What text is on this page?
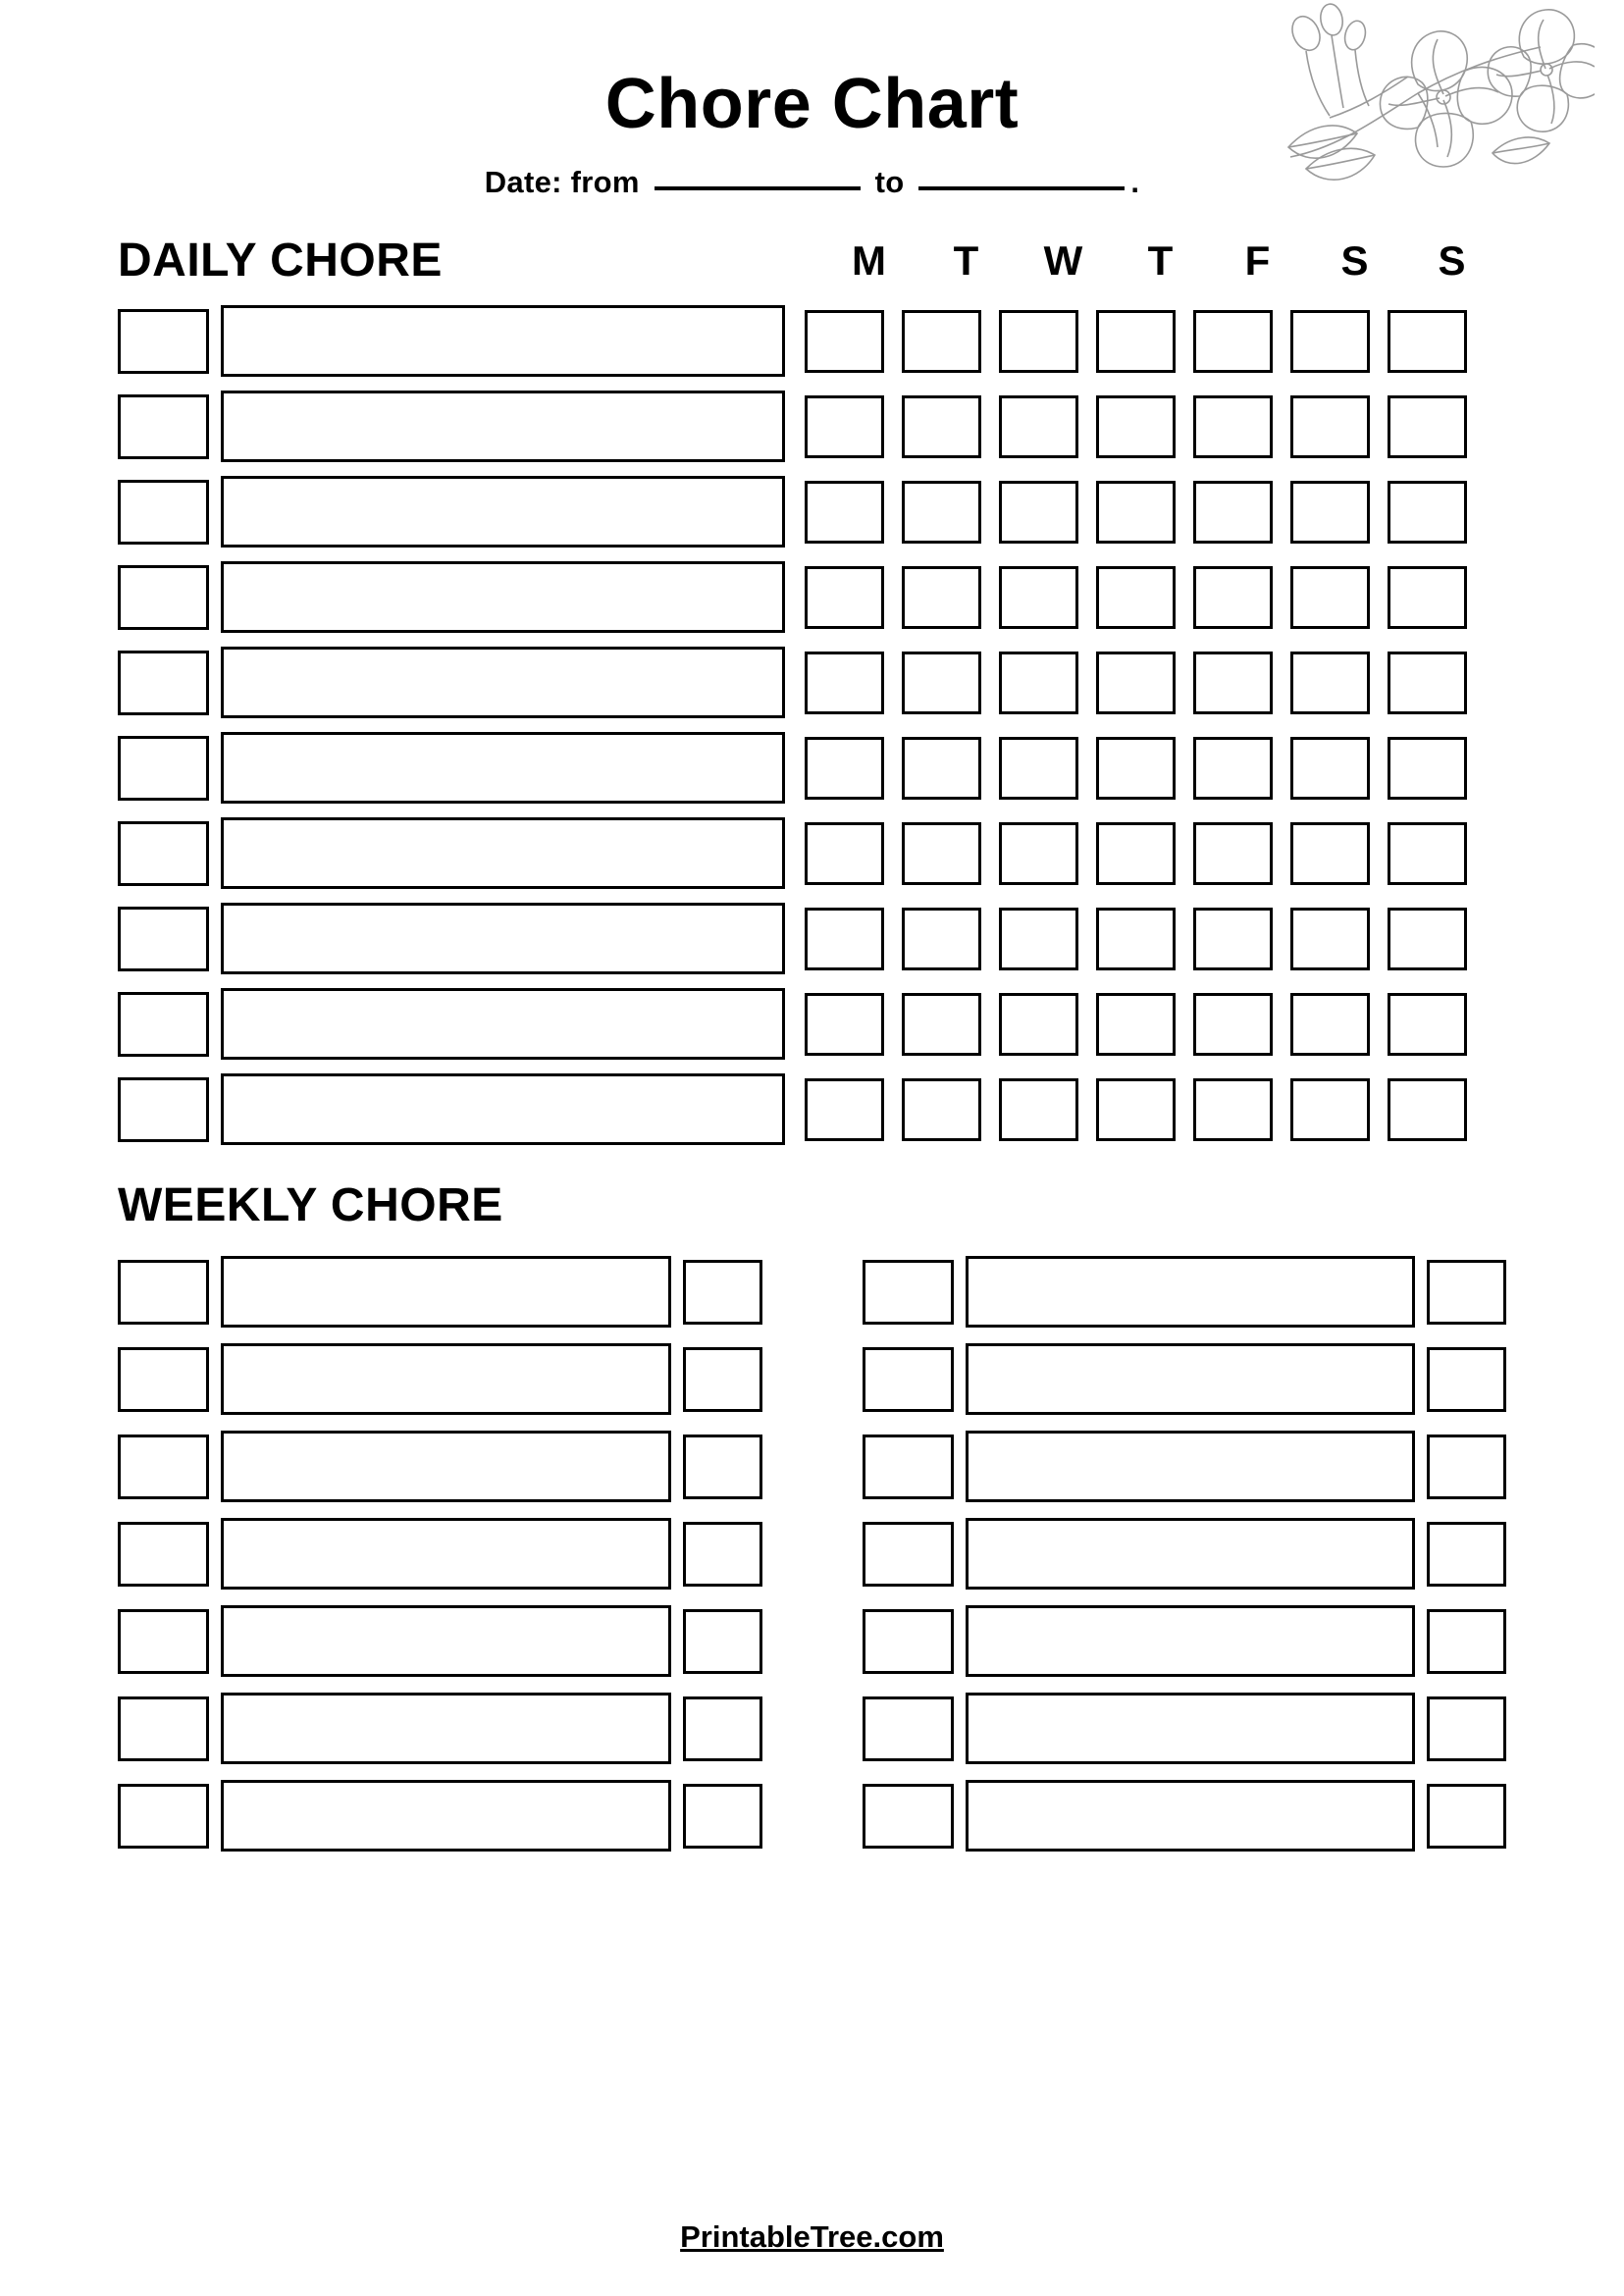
Chore Chart
Date: from	to	.
DAILY CHORE	M	T	W	T	F	S	S
WEEKLY CHORE
PrintableTree.com
